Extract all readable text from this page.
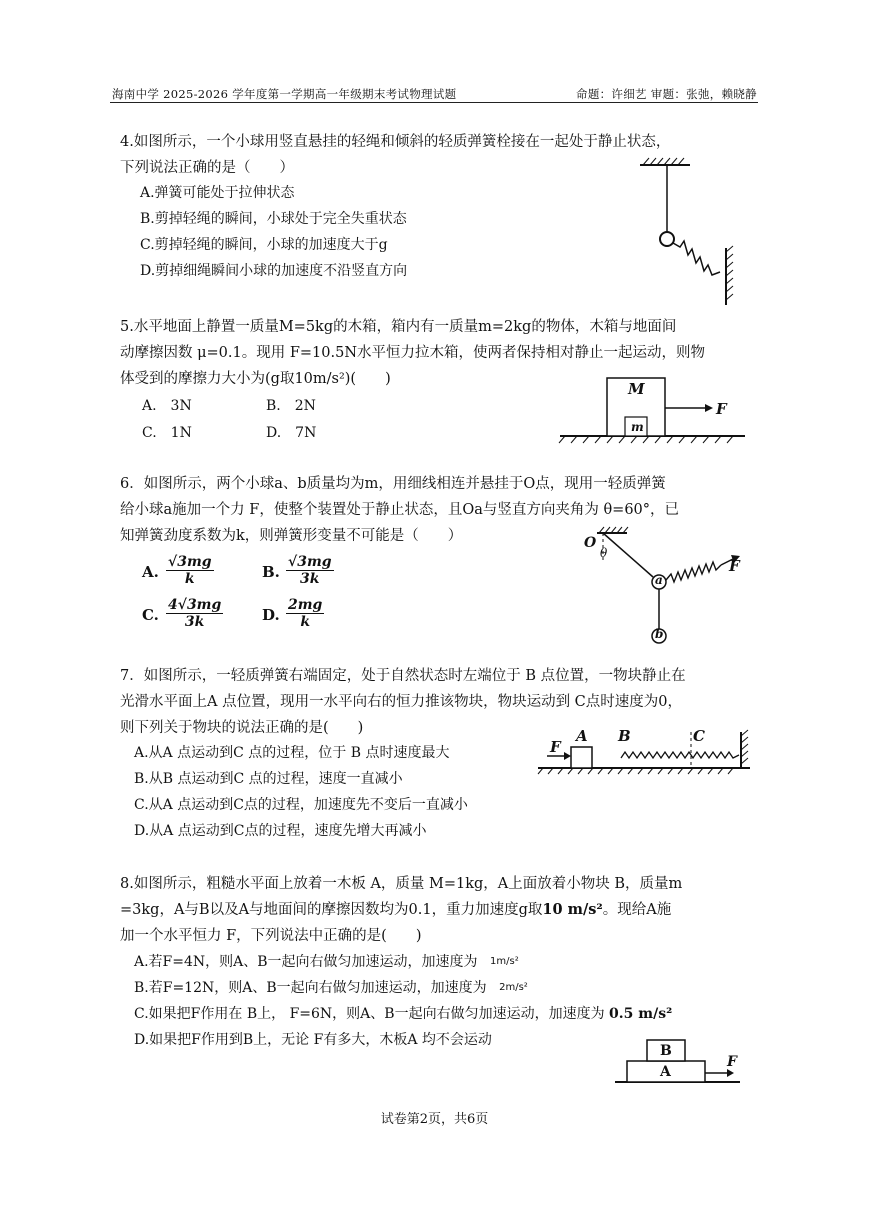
海南中学 2025-2026 学年度第一学期高一年级期末考试物理试题	命题：许细艺 审题：张弛，赖晓静
4.如图所示，一个小球用竖直悬挂的轻绳和倾斜的轻质弹簧栓接在一起处于静止状态，
下列说法正确的是（　　）
A.弹簧可能处于拉伸状态
B.剪掉轻绳的瞬间，小球处于完全失重状态
C.剪掉轻绳的瞬间，小球的加速度大于g
D.剪掉细绳瞬间小球的加速度不沿竖直方向
5.水平地面上静置一质量M=5kg的木箱，箱内有一质量m=2kg的物体，木箱与地面间
动摩擦因数 μ=0.1。现用 F=10.5N水平恒力拉木箱，使两者保持相对静止一起运动，则物
体受到的摩擦力大小为(g取10m/s²)(　　)
A.　3N	B.　2N
C.　1N	D.　7N
M
m
F
6．如图所示，两个小球a、b质量均为m，用细线相连并悬挂于O点，现用一轻质弹簧
给小球a施加一个力 F，使整个装置处于静止状态，且Oa与竖直方向夹角为 θ=60°，已
知弹簧劲度系数为k，则弹簧形变量不可能是（　　）
A. $\frac{√3mg}{k}$	B. $\frac{√3mg}{3k}$
C. $\frac{4√3mg}{3k}$	D. $\frac{2mg}{k}$
O
θ
a
b
F
7．如图所示，一轻质弹簧右端固定，处于自然状态时左端位于 B 点位置，一物块静止在
光滑水平面上A 点位置，现用一水平向右的恒力推该物块，物块运动到 C点时速度为0，
则下列关于物块的说法正确的是(　　)
A.从A 点运动到C 点的过程，位于 B 点时速度最大
B.从B 点运动到C 点的过程，速度一直减小
C.从A 点运动到C点的过程，加速度先不变后一直减小
D.从A 点运动到C点的过程，速度先增大再减小
F
A B	C
8.如图所示，粗糙水平面上放着一木板 A，质量 M=1kg，A上面放着小物块 B，质量m
=3kg，A与B以及A与地面间的摩擦因数均为0.1，重力加速度g取10 m/s²。现给A施
加一个水平恒力 F，下列说法中正确的是(　　)
A.若F=4N，则A、B一起向右做匀加速运动，加速度为 1m/s²
B.若F=12N，则A、B一起向右做匀加速运动，加速度为 2m/s²
C.如果把F作用在 B上， F=6N，则A、B一起向右做匀加速运动，加速度为 0.5 m/s²
D.如果把F作用到B上，无论 F有多大，木板A 均不会运动
B
A
F
试卷第2页，共6页
